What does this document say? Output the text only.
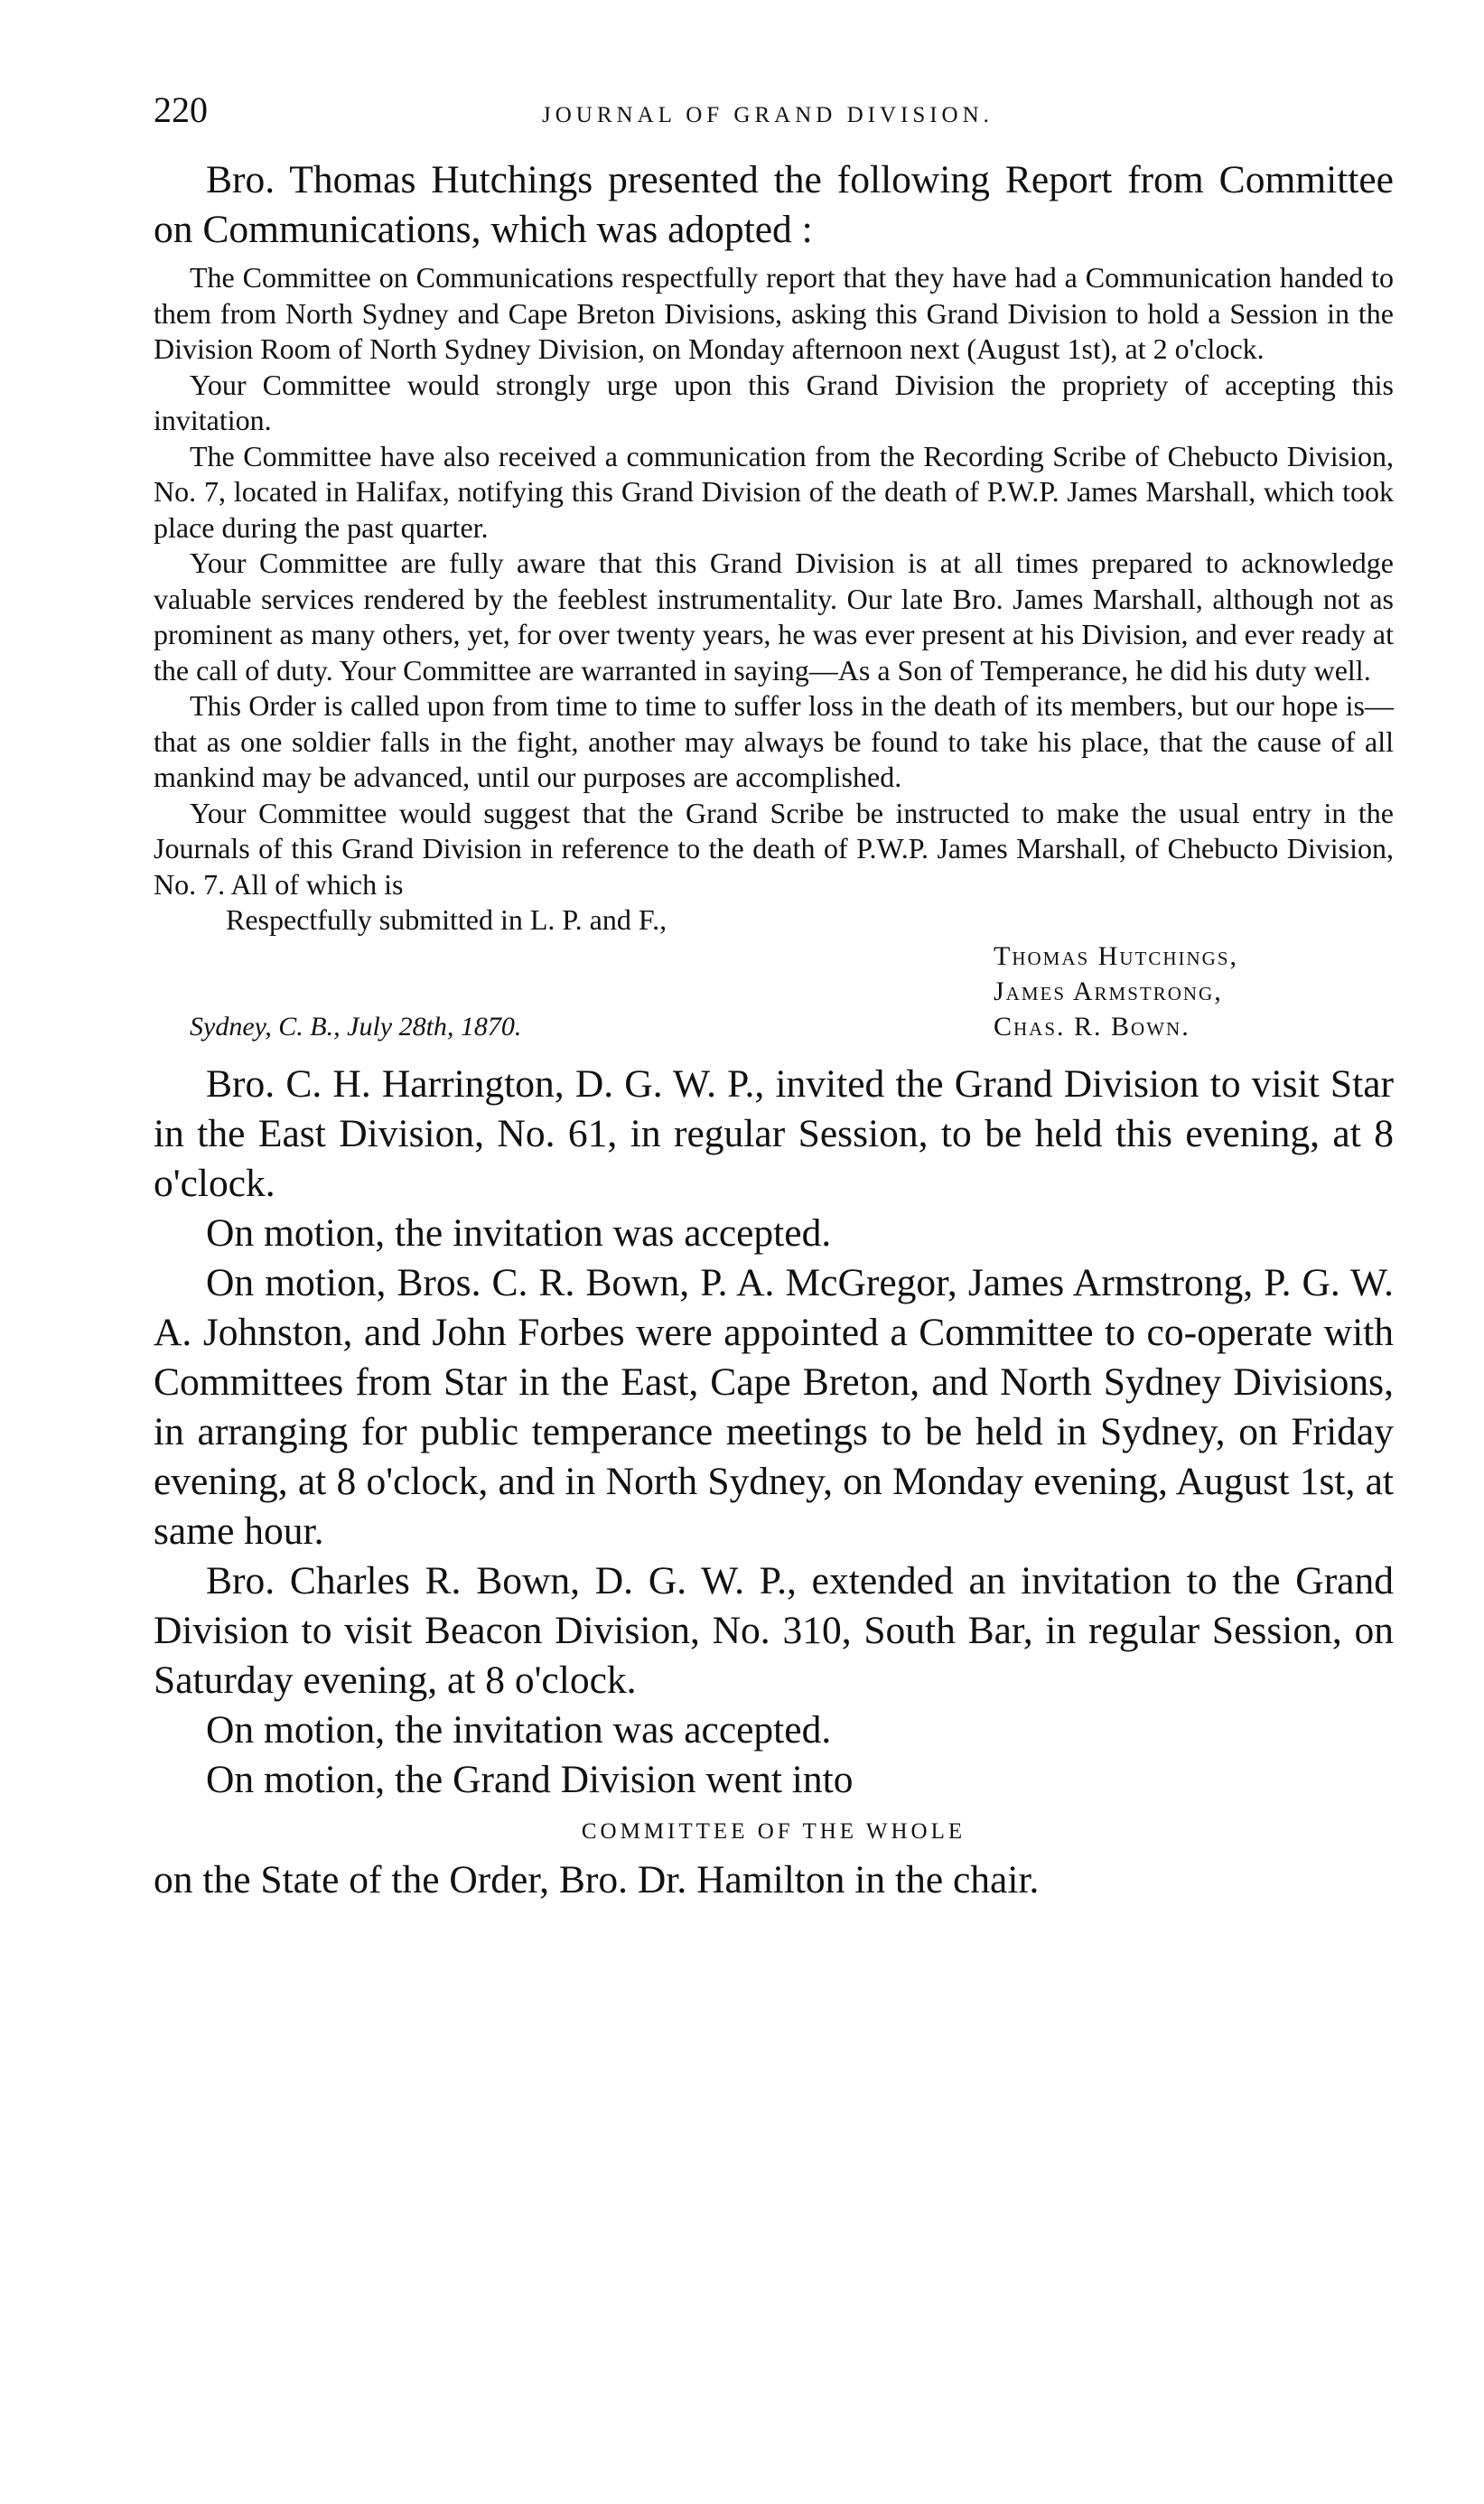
220	JOURNAL OF GRAND DIVISION.

Bro. Thomas Hutchings presented the following Report from Committee on Communications, which was adopted :

The Committee on Communications respectfully report that they have had a Communication handed to them from North Sydney and Cape Breton Divisions, asking this Grand Division to hold a Session in the Division Room of North Sydney Division, on Monday afternoon next (August 1st), at 2 o'clock.

Your Committee would strongly urge upon this Grand Division the propriety of accepting this invitation.

The Committee have also received a communication from the Recording Scribe of Chebucto Division, No. 7, located in Halifax, notifying this Grand Division of the death of P.W.P. James Marshall, which took place during the past quarter.

Your Committee are fully aware that this Grand Division is at all times prepared to acknowledge valuable services rendered by the feeblest instrumentality. Our late Bro. James Marshall, although not as prominent as many others, yet, for over twenty years, he was ever present at his Division, and ever ready at the call of duty. Your Committee are warranted in saying—As a Son of Temperance, he did his duty well.

This Order is called upon from time to time to suffer loss in the death of its members, but our hope is—that as one soldier falls in the fight, another may always be found to take his place, that the cause of all mankind may be advanced, until our purposes are accomplished.

Your Committee would suggest that the Grand Scribe be instructed to make the usual entry in the Journals of this Grand Division in reference to the death of P.W.P. James Marshall, of Chebucto Division, No. 7. All of which is

Respectfully submitted in L. P. and F.,

Thomas Hutchings,
James Armstrong,
Chas. R. Bown.
Sydney, C. B., July 28th, 1870.

Bro. C. H. Harrington, D. G. W. P., invited the Grand Division to visit Star in the East Division, No. 61, in regular Session, to be held this evening, at 8 o'clock.

On motion, the invitation was accepted.

On motion, Bros. C. R. Bown, P. A. McGregor, James Armstrong, P. G. W. A. Johnston, and John Forbes were appointed a Committee to co-operate with Committees from Star in the East, Cape Breton, and North Sydney Divisions, in arranging for public temperance meetings to be held in Sydney, on Friday evening, at 8 o'clock, and in North Sydney, on Monday evening, August 1st, at same hour.

Bro. Charles R. Bown, D. G. W. P., extended an invitation to the Grand Division to visit Beacon Division, No. 310, South Bar, in regular Session, on Saturday evening, at 8 o'clock.

On motion, the invitation was accepted.

On motion, the Grand Division went into

COMMITTEE OF THE WHOLE

on the State of the Order, Bro. Dr. Hamilton in the chair.
